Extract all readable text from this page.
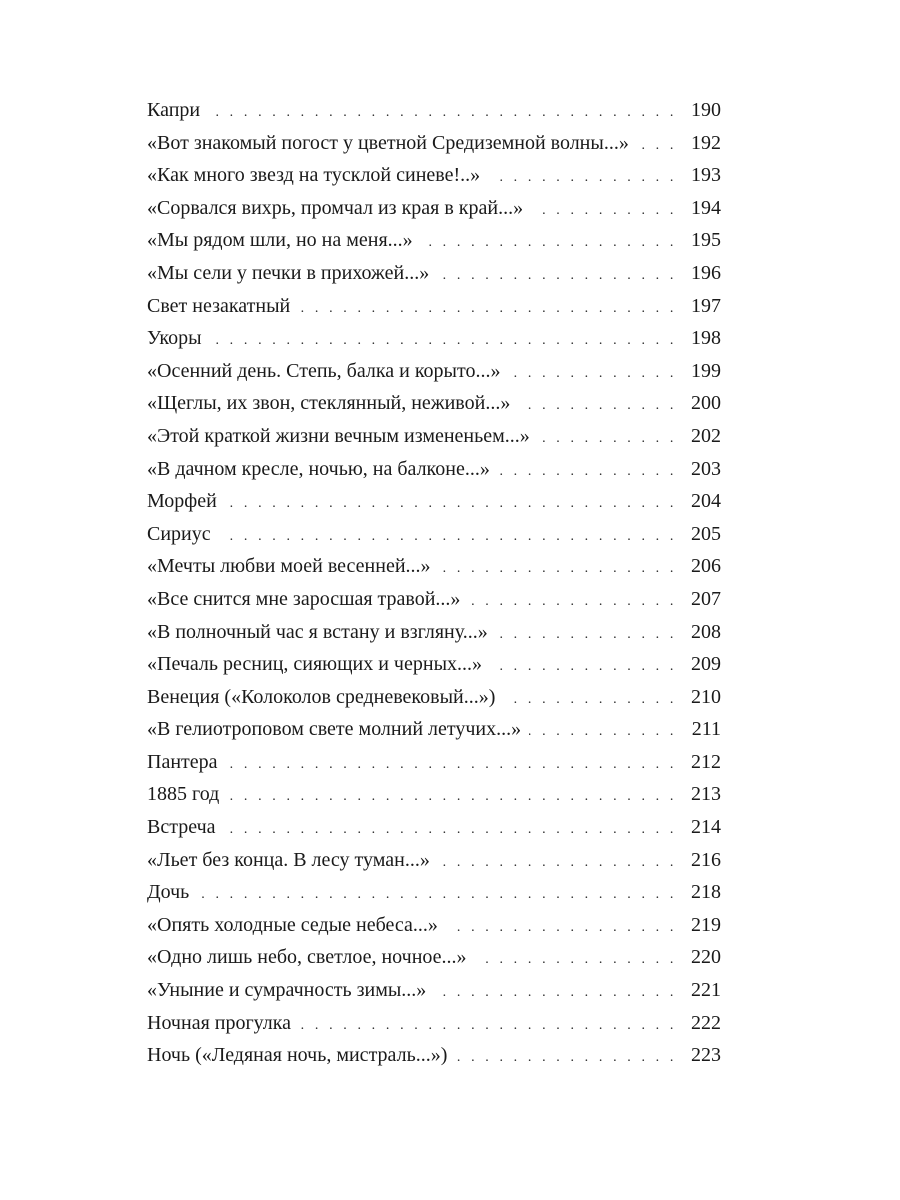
Капри . . .	190
«Вот знакомый погост у цветной Средиземной волны...» . . .	192
«Как много звезд на тусклой синеве!..» . . .	193
«Сорвался вихрь, промчал из края в край...» . . .	194
«Мы рядом шли, но на меня...» . . .	195
«Мы сели у печки в прихожей...» . . .	196
Свет незакатный . . .	197
Укоры . . .	198
«Осенний день. Степь, балка и корыто...» . . .	199
«Щеглы, их звон, стеклянный, неживой...» . . .	200
«Этой краткой жизни вечным измененьем...» . . .	202
«В дачном кресле, ночью, на балконе...» . . .	203
Морфей . . .	204
Сириус . . .	205
«Мечты любви моей весенней...» . . .	206
«Все снится мне заросшая травой...» . . .	207
«В полночный час я встану и взгляну...» . . .	208
«Печаль ресниц, сияющих и черных...» . . .	209
Венеция («Колоколов средневековый...») . . .	210
«В гелиотроповом свете молний летучих...» . . .	211
Пантера . . .	212
1885 год . . .	213
Встреча . . .	214
«Льет без конца. В лесу туман...» . . .	216
Дочь . . .	218
«Опять холодные седые небеса...» . . .	219
«Одно лишь небо, светлое, ночное...» . . .	220
«Уныние и сумрачность зимы...» . . .	221
Ночная прогулка . . .	222
Ночь («Ледяная ночь, мистраль...») . . .	223
